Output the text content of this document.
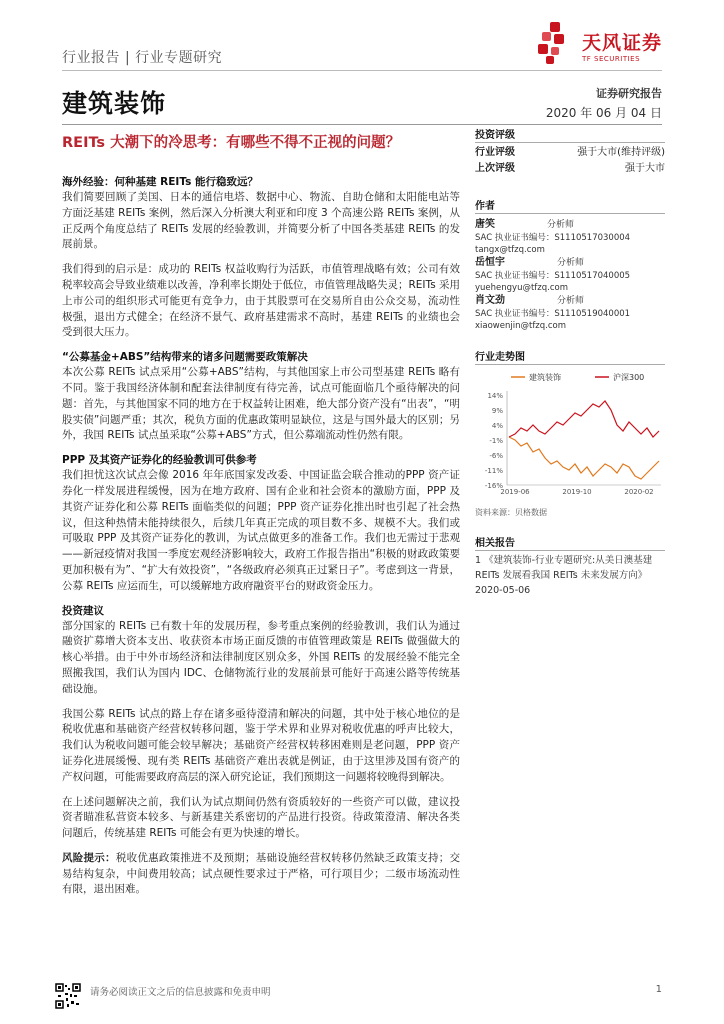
行业报告 | 行业专题研究
天风证券
TF SECURITIES
建筑装饰	证券研究报告
2020 年 06 月 04 日
REITs 大潮下的冷思考：有哪些不得不正视的问题？

海外经验：何种基建 REITs 能行稳致远？

我们简要回顾了美国、日本的通信电塔、数据中心、物流、自助仓储和太阳能电站等方面泛基建 REITs 案例，然后深入分析澳大利亚和印度 3 个高速公路 REITs 案例，从正反两个角度总结了 REITs 发展的经验教训，并简要分析了中国各类基建 REITs 的发展前景。

我们得到的启示是：成功的 REITs 权益收购行为活跃，市值管理战略有效；公司有效税率较高会导致业绩难以改善，净利率长期处于低位，市值管理战略失灵；REITs 采用上市公司的组织形式可能更有竞争力，由于其股票可在交易所自由公众交易，流动性极强，退出方式健全；在经济不景气、政府基建需求不高时，基建 REITs 的业绩也会受到很大压力。

“公募基金+ABS”结构带来的诸多问题需要政策解决

本次公募 REITs 试点采用“公募+ABS”结构，与其他国家上市公司型基建 REITs 略有不同。鉴于我国经济体制和配套法律制度有待完善，试点可能面临几个亟待解决的问题：首先，与其他国家不同的地方在于权益转让困难，绝大部分资产没有“出表”，“明股实债”问题严重；其次，税负方面的优惠政策明显缺位，这是与国外最大的区别；另外，我国 REITs 试点虽采取“公募+ABS”方式，但公募端流动性仍然有限。

PPP 及其资产证券化的经验教训可供参考

我们担忧这次试点会像 2016 年年底国家发改委、中国证监会联合推动的PPP 资产证券化一样发展进程缓慢，因为在地方政府、国有企业和社会资本的激励方面，PPP 及其资产证券化和公募 REITs 面临类似的问题；PPP 资产证券化推出时也引起了社会热议，但这种热情未能持续很久，后续几年真正完成的项目数不多、规模不大。我们或可吸取 PPP 及其资产证券化的教训，为试点做更多的准备工作。我们也无需过于悲观——新冠疫情对我国一季度宏观经济影响较大，政府工作报告指出“积极的财政政策要更加积极有为”、“扩大有效投资”，“各级政府必须真正过紧日子”。考虑到这一背景，公募 REITs 应运而生，可以缓解地方政府融资平台的财政资金压力。

投资建议

部分国家的 REITs 已有数十年的发展历程，参考重点案例的经验教训，我们认为通过融资扩募增大资本支出、收获资本市场正面反馈的市值管理政策是 REITs 做强做大的核心举措。由于中外市场经济和法律制度区别众多，外国 REITs 的发展经验不能完全照搬我国，我们认为国内 IDC、仓储物流行业的发展前景可能好于高速公路等传统基础设施。

我国公募 REITs 试点的路上存在诸多亟待澄清和解决的问题，其中处于核心地位的是税收优惠和基础资产经营权转移问题，鉴于学术界和业界对税收优惠的呼声比较大，我们认为税收问题可能会较早解决；基础资产经营权转移困难则是老问题，PPP 资产证券化进展缓慢、现有类 REITs 基础资产难出表就是例证，由于这里涉及国有资产的产权问题，可能需要政府高层的深入研究论证，我们预期这一问题将较晚得到解决。

在上述问题解决之前，我们认为试点期间仍然有资质较好的一些资产可以做，建议投资者瞄准私营资本较多、与新基建关系密切的产品进行投资。待政策澄清、解决各类问题后，传统基建 REITs 可能会有更为快速的增长。

风险提示：税收优惠政策推进不及预期；基础设施经营权转移仍然缺乏政策支持；交易结构复杂，中间费用较高；试点硬性要求过于严格，可行项目少；二级市场流动性有限，退出困难。

投资评级
行业评级	强于大市(维持评级)
上次评级	强于大市
作者
唐笑	分析师
SAC 执业证书编号：S1110517030004
tangx@tfzq.com
岳恒宇	分析师
SAC 执业证书编号：S1110517040005
yuehengyu@tfzq.com
肖文劲	分析师
SAC 执业证书编号：S1110519040001
xiaowenjin@tfzq.com
行业走势图
建筑装饰	沪深300
14%
9%
4%
-1%
-6%
-11%
-16%
2019-06	2019-10	2020-02
资料来源：贝格数据
相关报告
1 《建筑装饰-行业专题研究:从美日澳基建 REITs 发展看我国 REITs 未来发展方向》 2020-05-06
请务必阅读正文之后的信息披露和免责申明	1
